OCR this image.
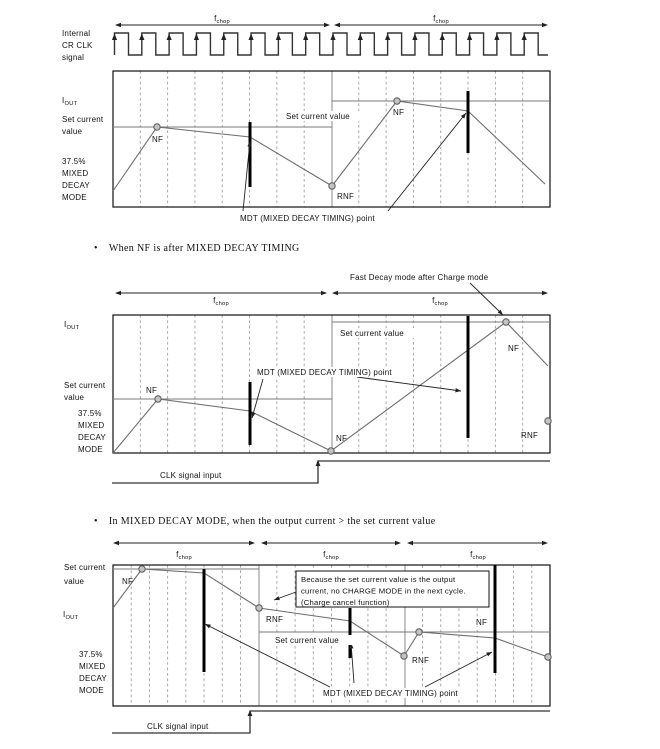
$f_{chop}$	$f_{chop}$
Internal
CR CLK
signal
$I_{OUT}$
Set current
value
37.5%
MIXED
DECAY
MODE
Set current value
NF
RNF
NF
MDT (MIXED DECAY TIMING) point
$f_{chop}$	$f_{chop}$
CLK signal input
$I_{OUT}$
Set current
value
37.5%
MIXED
DECAY
MODE
Fast Decay mode after Charge mode
Set current value
MDT (MIXED DECAY TIMING) point
NF
NF
NF
RNF
$f_{chop}$	$f_{chop}$	$f_{chop}$
CLK signal input
Because the set current value is the output
current, no CHARGE MODE in the next cycle.
(Charge cancel function)
Set current
value
$I_{OUT}$
37.5%
MIXED
DECAY
MODE
NF
RNF
Set current value
RNF
NF
MDT (MIXED DECAY TIMING) point
• When NF is after MIXED DECAY TIMING
• In MIXED DECAY MODE, when the output current > the set current value
